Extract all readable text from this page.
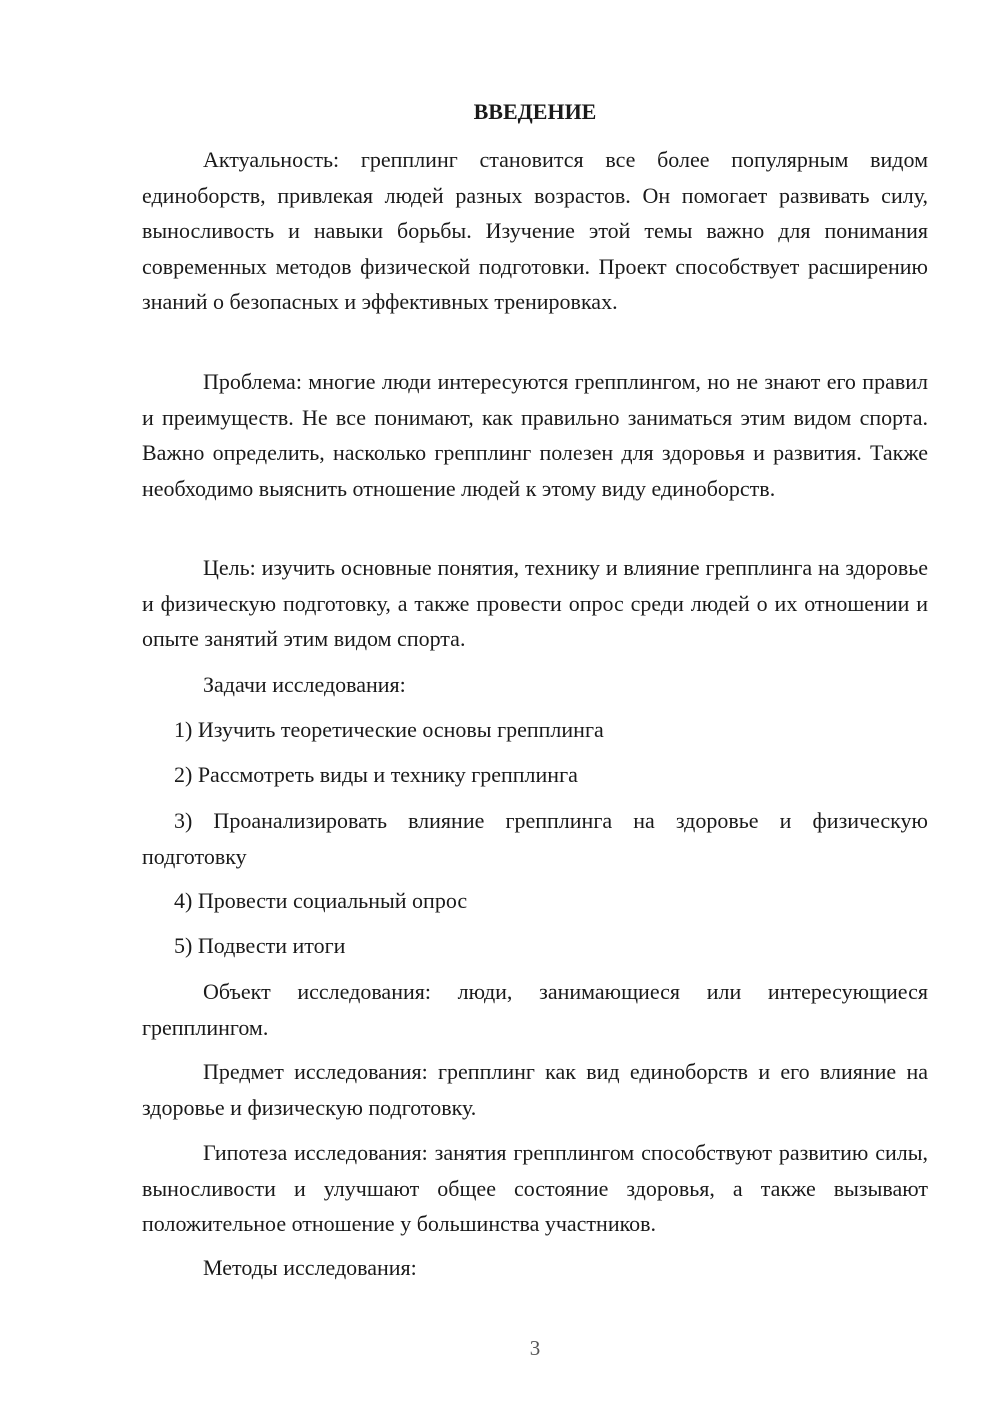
ВВЕДЕНИЕ

Актуальность: грепплинг становится все более популярным видом единоборств, привлекая людей разных возрастов. Он помогает развивать силу, выносливость и навыки борьбы. Изучение этой темы важно для понимания современных методов физической подготовки. Проект способствует расширению знаний о безопасных и эффективных тренировках.

Проблема: многие люди интересуются грепплингом, но не знают его правил и преимуществ. Не все понимают, как правильно заниматься этим видом спорта. Важно определить, насколько грепплинг полезен для здоровья и развития. Также необходимо выяснить отношение людей к этому виду единоборств.

Цель: изучить основные понятия, технику и влияние грепплинга на здоровье и физическую подготовку, а также провести опрос среди людей о их отношении и опыте занятий этим видом спорта.

Задачи исследования:

1) Изучить теоретические основы грепплинга

2) Рассмотреть виды и технику грепплинга

3) Проанализировать влияние грепплинга на здоровье и физическую подготовку

4) Провести социальный опрос

5) Подвести итоги

Объект исследования: люди, занимающиеся или интересующиеся грепплингом.

Предмет исследования: грепплинг как вид единоборств и его влияние на здоровье и физическую подготовку.

Гипотеза исследования: занятия грепплингом способствуют развитию силы, выносливости и улучшают общее состояние здоровья, а также вызывают положительное отношение у большинства участников.

Методы исследования:

3
